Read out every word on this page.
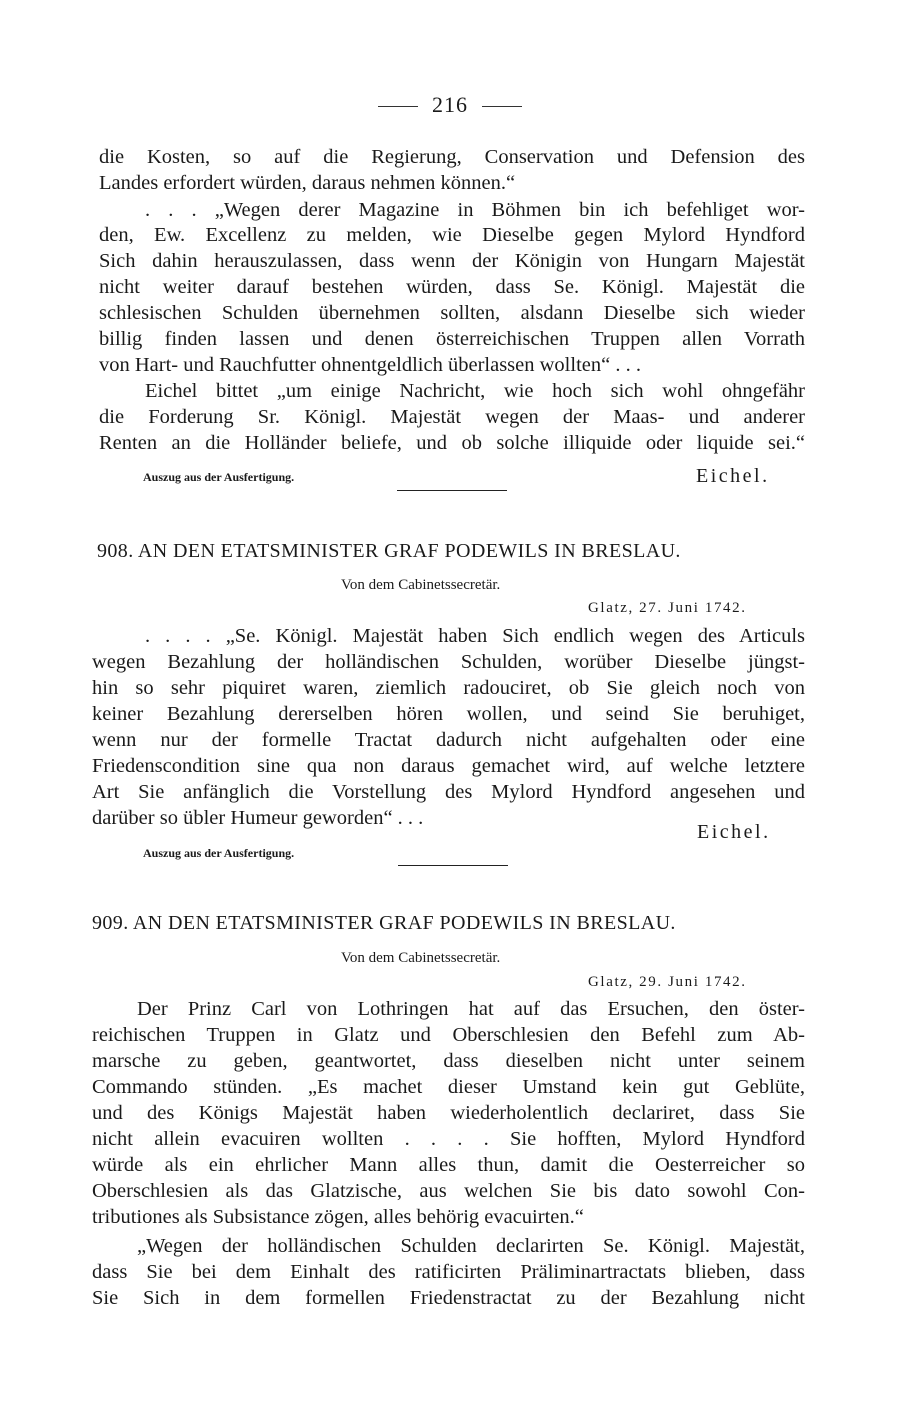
216
die Kosten, so auf die Regierung, Conservation und Defension des
Landes erfordert würden, daraus nehmen können.“
. . . „Wegen derer Magazine in Böhmen bin ich befehliget wor-
den, Ew. Excellenz zu melden, wie Dieselbe gegen Mylord Hyndford
Sich dahin herauszulassen, dass wenn der Königin von Hungarn Majestät
nicht weiter darauf bestehen würden, dass Se. Königl. Majestät die
schlesischen Schulden übernehmen sollten, alsdann Dieselbe sich wieder
billig finden lassen und denen österreichischen Truppen allen Vorrath
von Hart- und Rauchfutter ohnentgeldlich überlassen wollten“ . . .
Eichel bittet „um einige Nachricht, wie hoch sich wohl ohngefähr
die Forderung Sr. Königl. Majestät wegen der Maas- und anderer
Renten an die Holländer beliefe, und ob solche illiquide oder liquide sei.“
Auszug aus der Ausfertigung.	Eichel.
908. AN DEN ETATSMINISTER GRAF PODEWILS IN BRESLAU.
Von dem Cabinetssecretär.
Glatz, 27. Juni 1742.
. . . . „Se. Königl. Majestät haben Sich endlich wegen des Articuls
wegen Bezahlung der holländischen Schulden, worüber Dieselbe jüngst-
hin so sehr piquiret waren, ziemlich radouciret, ob Sie gleich noch von
keiner Bezahlung dererselben hören wollen, und seind Sie beruhiget,
wenn nur der formelle Tractat dadurch nicht aufgehalten oder eine
Friedenscondition sine qua non daraus gemachet wird, auf welche letztere
Art Sie anfänglich die Vorstellung des Mylord Hyndford angesehen und
darüber so übler Humeur geworden“ . . .
Eichel.
Auszug aus der Ausfertigung.
909. AN DEN ETATSMINISTER GRAF PODEWILS IN BRESLAU.
Von dem Cabinetssecretär.
Glatz, 29. Juni 1742.
Der Prinz Carl von Lothringen hat auf das Ersuchen, den öster-
reichischen Truppen in Glatz und Oberschlesien den Befehl zum Ab-
marsche zu geben, geantwortet, dass dieselben nicht unter seinem
Commando stünden. „Es machet dieser Umstand kein gut Geblüte,
und des Königs Majestät haben wiederholentlich declariret, dass Sie
nicht allein evacuiren wollten . . . . Sie hofften, Mylord Hyndford
würde als ein ehrlicher Mann alles thun, damit die Oesterreicher so
Oberschlesien als das Glatzische, aus welchen Sie bis dato sowohl Con-
tributiones als Subsistance zögen, alles behörig evacuirten.“
„Wegen der holländischen Schulden declarirten Se. Königl. Majestät,
dass Sie bei dem Einhalt des ratificirten Präliminartractats blieben, dass
Sie Sich in dem formellen Friedenstractat zu der Bezahlung nicht
